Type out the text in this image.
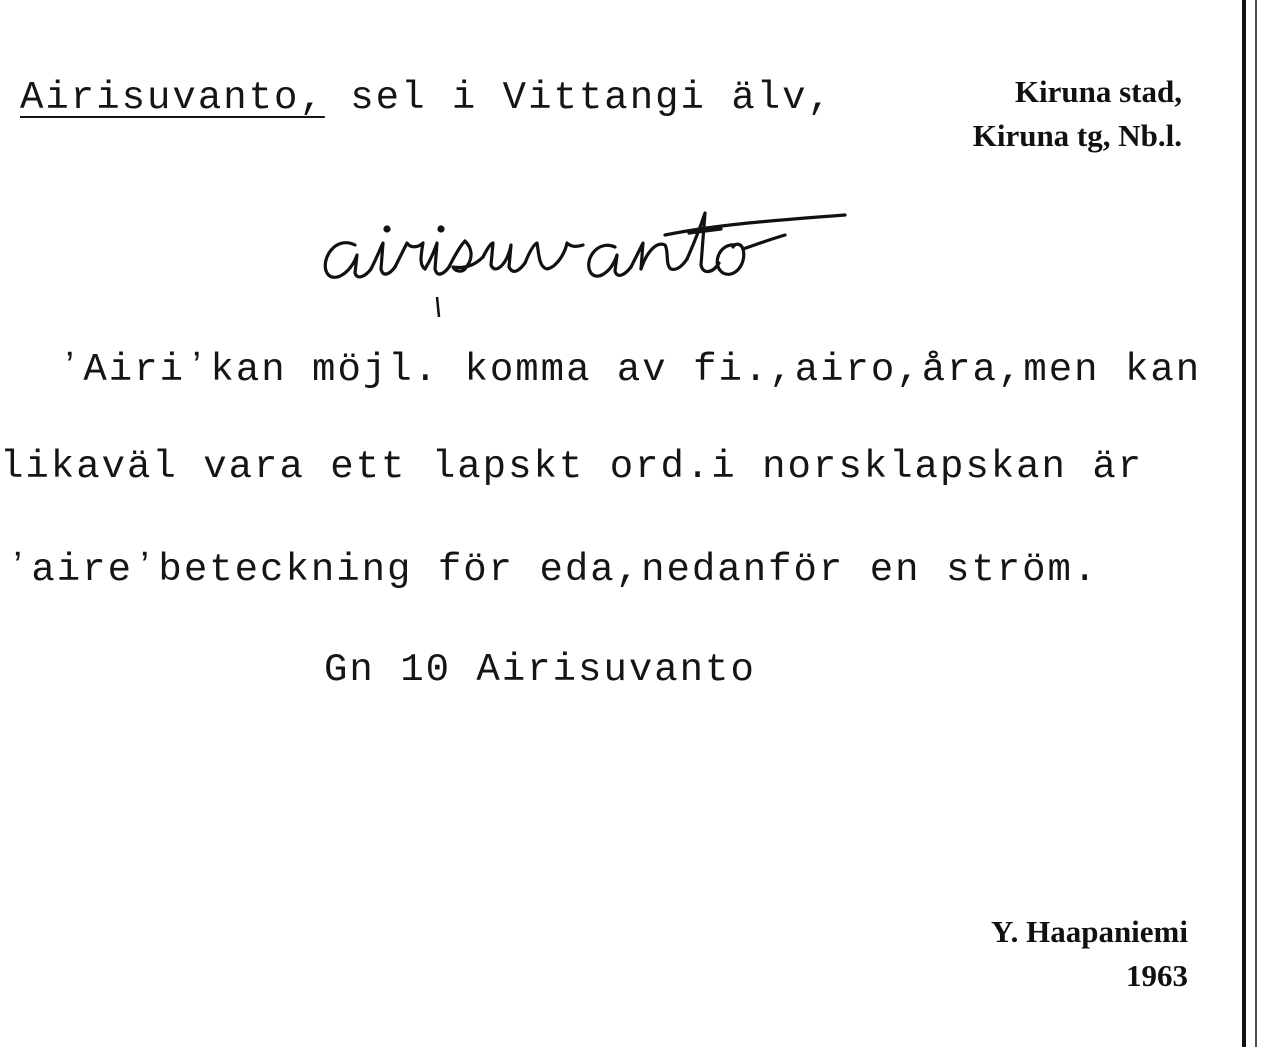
Airisuvanto, sel i Vittangi älv,	Kiruna stad,
Kiruna tg, Nb.l.
ʼAiriʼkan möjl. komma av fi.,airo,åra,men kan
likaväl vara ett lapskt ord.i norsklapskan är
ʼaireʼbeteckning för eda,nedanför en ström.
Gn 10 Airisuvanto
Y. Haapaniemi
1963
